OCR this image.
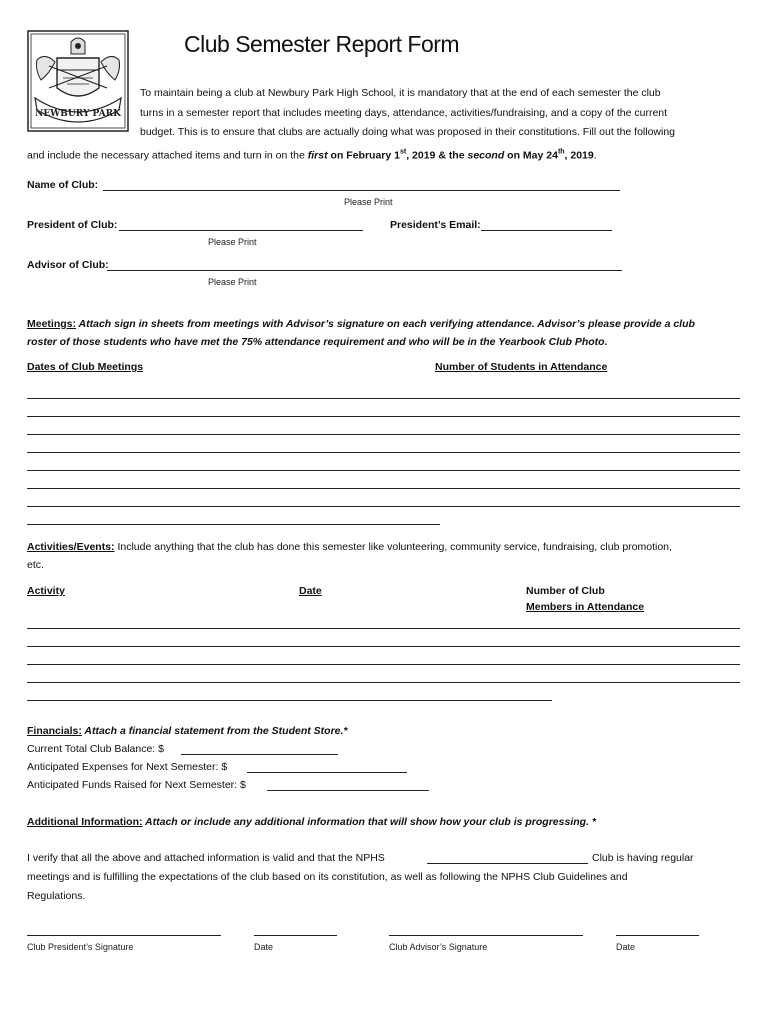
NEWBURY PARK
Club Semester Report Form

To maintain being a club at Newbury Park High School, it is mandatory that at the end of each semester the club

turns in a semester report that includes meeting days, attendance, activities/fundraising, and a copy of the current

budget. This is to ensure that clubs are actually doing what was proposed in their constitutions. Fill out the following

and include the necessary attached items and turn in on the first on February 1st, 2019 & the second on May 24th, 2019.

Name of Club:
Please Print
President of Club:	President’s Email:
Please Print
Advisor of Club:
Please Print
Meetings: Attach sign in sheets from meetings with Advisor’s signature on each verifying attendance. Advisor’s please provide a club
roster of those students who have met the 75% attendance requirement and who will be in the Yearbook Club Photo.
Dates of Club Meetings	Number of Students in Attendance
Activities/Events: Include anything that the club has done this semester like volunteering, community service, fundraising, club promotion,
etc.
Activity	Date	Number of Club
Members in Attendance
Financials: Attach a financial statement from the Student Store.*
Current Total Club Balance: $
Anticipated Expenses for Next Semester: $
Anticipated Funds Raised for Next Semester: $
Additional Information: Attach or include any additional information that will show how your club is progressing. *
I verify that all the above and attached information is valid and that the NPHS	Club is having regular
meetings and is fulfilling the expectations of the club based on its constitution, as well as following the NPHS Club Guidelines and
Regulations.
Club President’s Signature	Date	Club Advisor’s Signature	Date
